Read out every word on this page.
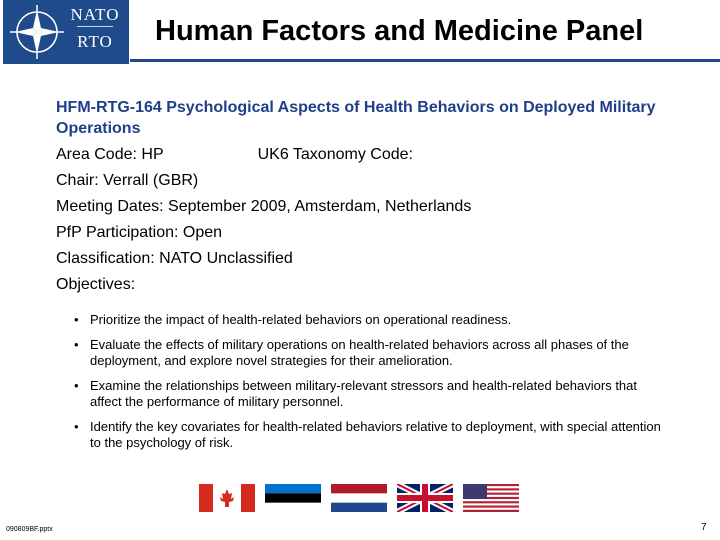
NATO
RTO	Human Factors and Medicine Panel
HFM-RTG-164 Psychological Aspects of Health Behaviors on Deployed Military Operations
Area Code: HP	UK6 Taxonomy Code:
Chair: Verrall (GBR)
Meeting Dates: September 2009, Amsterdam, Netherlands
PfP Participation: Open
Classification: NATO Unclassified
Objectives:
• Prioritize the impact of health-related behaviors on operational readiness.
• Evaluate the effects of military operations on health-related behaviors across all phases of the deployment, and explore novel strategies for their amelioration.
• Examine the relationships between military-relevant stressors and health-related behaviors that affect the performance of military personnel.
• Identify the key covariates for health-related behaviors relative to deployment, with special attention to the psychology of risk.
090809BF.pptx	7
